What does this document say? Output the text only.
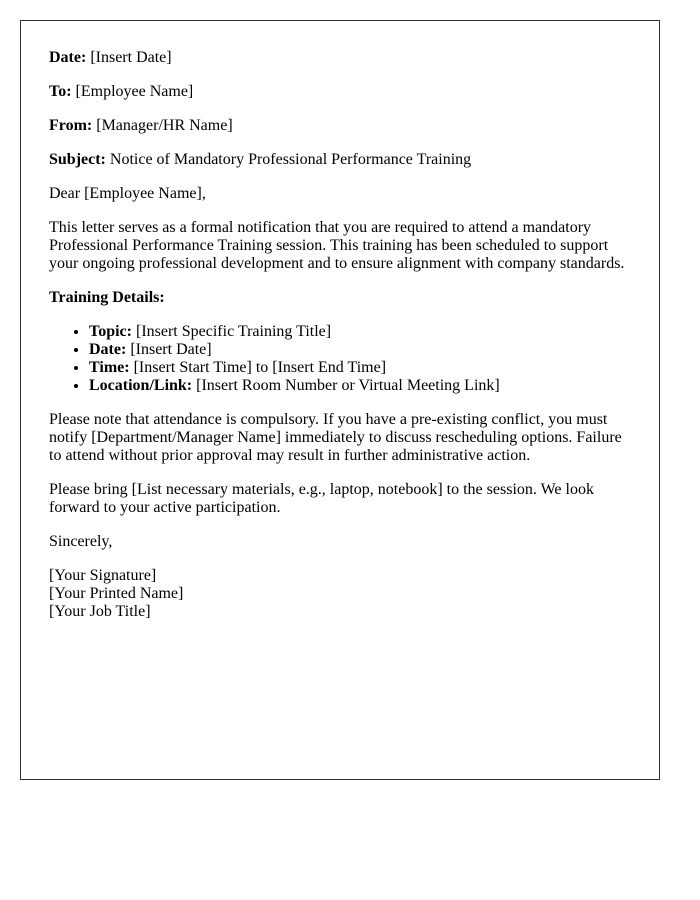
Date: [Insert Date]

To: [Employee Name]

From: [Manager/HR Name]

Subject: Notice of Mandatory Professional Performance Training

Dear [Employee Name],

This letter serves as a formal notification that you are required to attend a mandatory Professional Performance Training session. This training has been scheduled to support your ongoing professional development and to ensure alignment with company standards.

Training Details:

• Topic: [Insert Specific Training Title]
• Date: [Insert Date]
• Time: [Insert Start Time] to [Insert End Time]
• Location/Link: [Insert Room Number or Virtual Meeting Link]

Please note that attendance is compulsory. If you have a pre-existing conflict, you must notify [Department/Manager Name] immediately to discuss rescheduling options. Failure to attend without prior approval may result in further administrative action.

Please bring [List necessary materials, e.g., laptop, notebook] to the session. We look forward to your active participation.

Sincerely,

[Your Signature]
[Your Printed Name]
[Your Job Title]
